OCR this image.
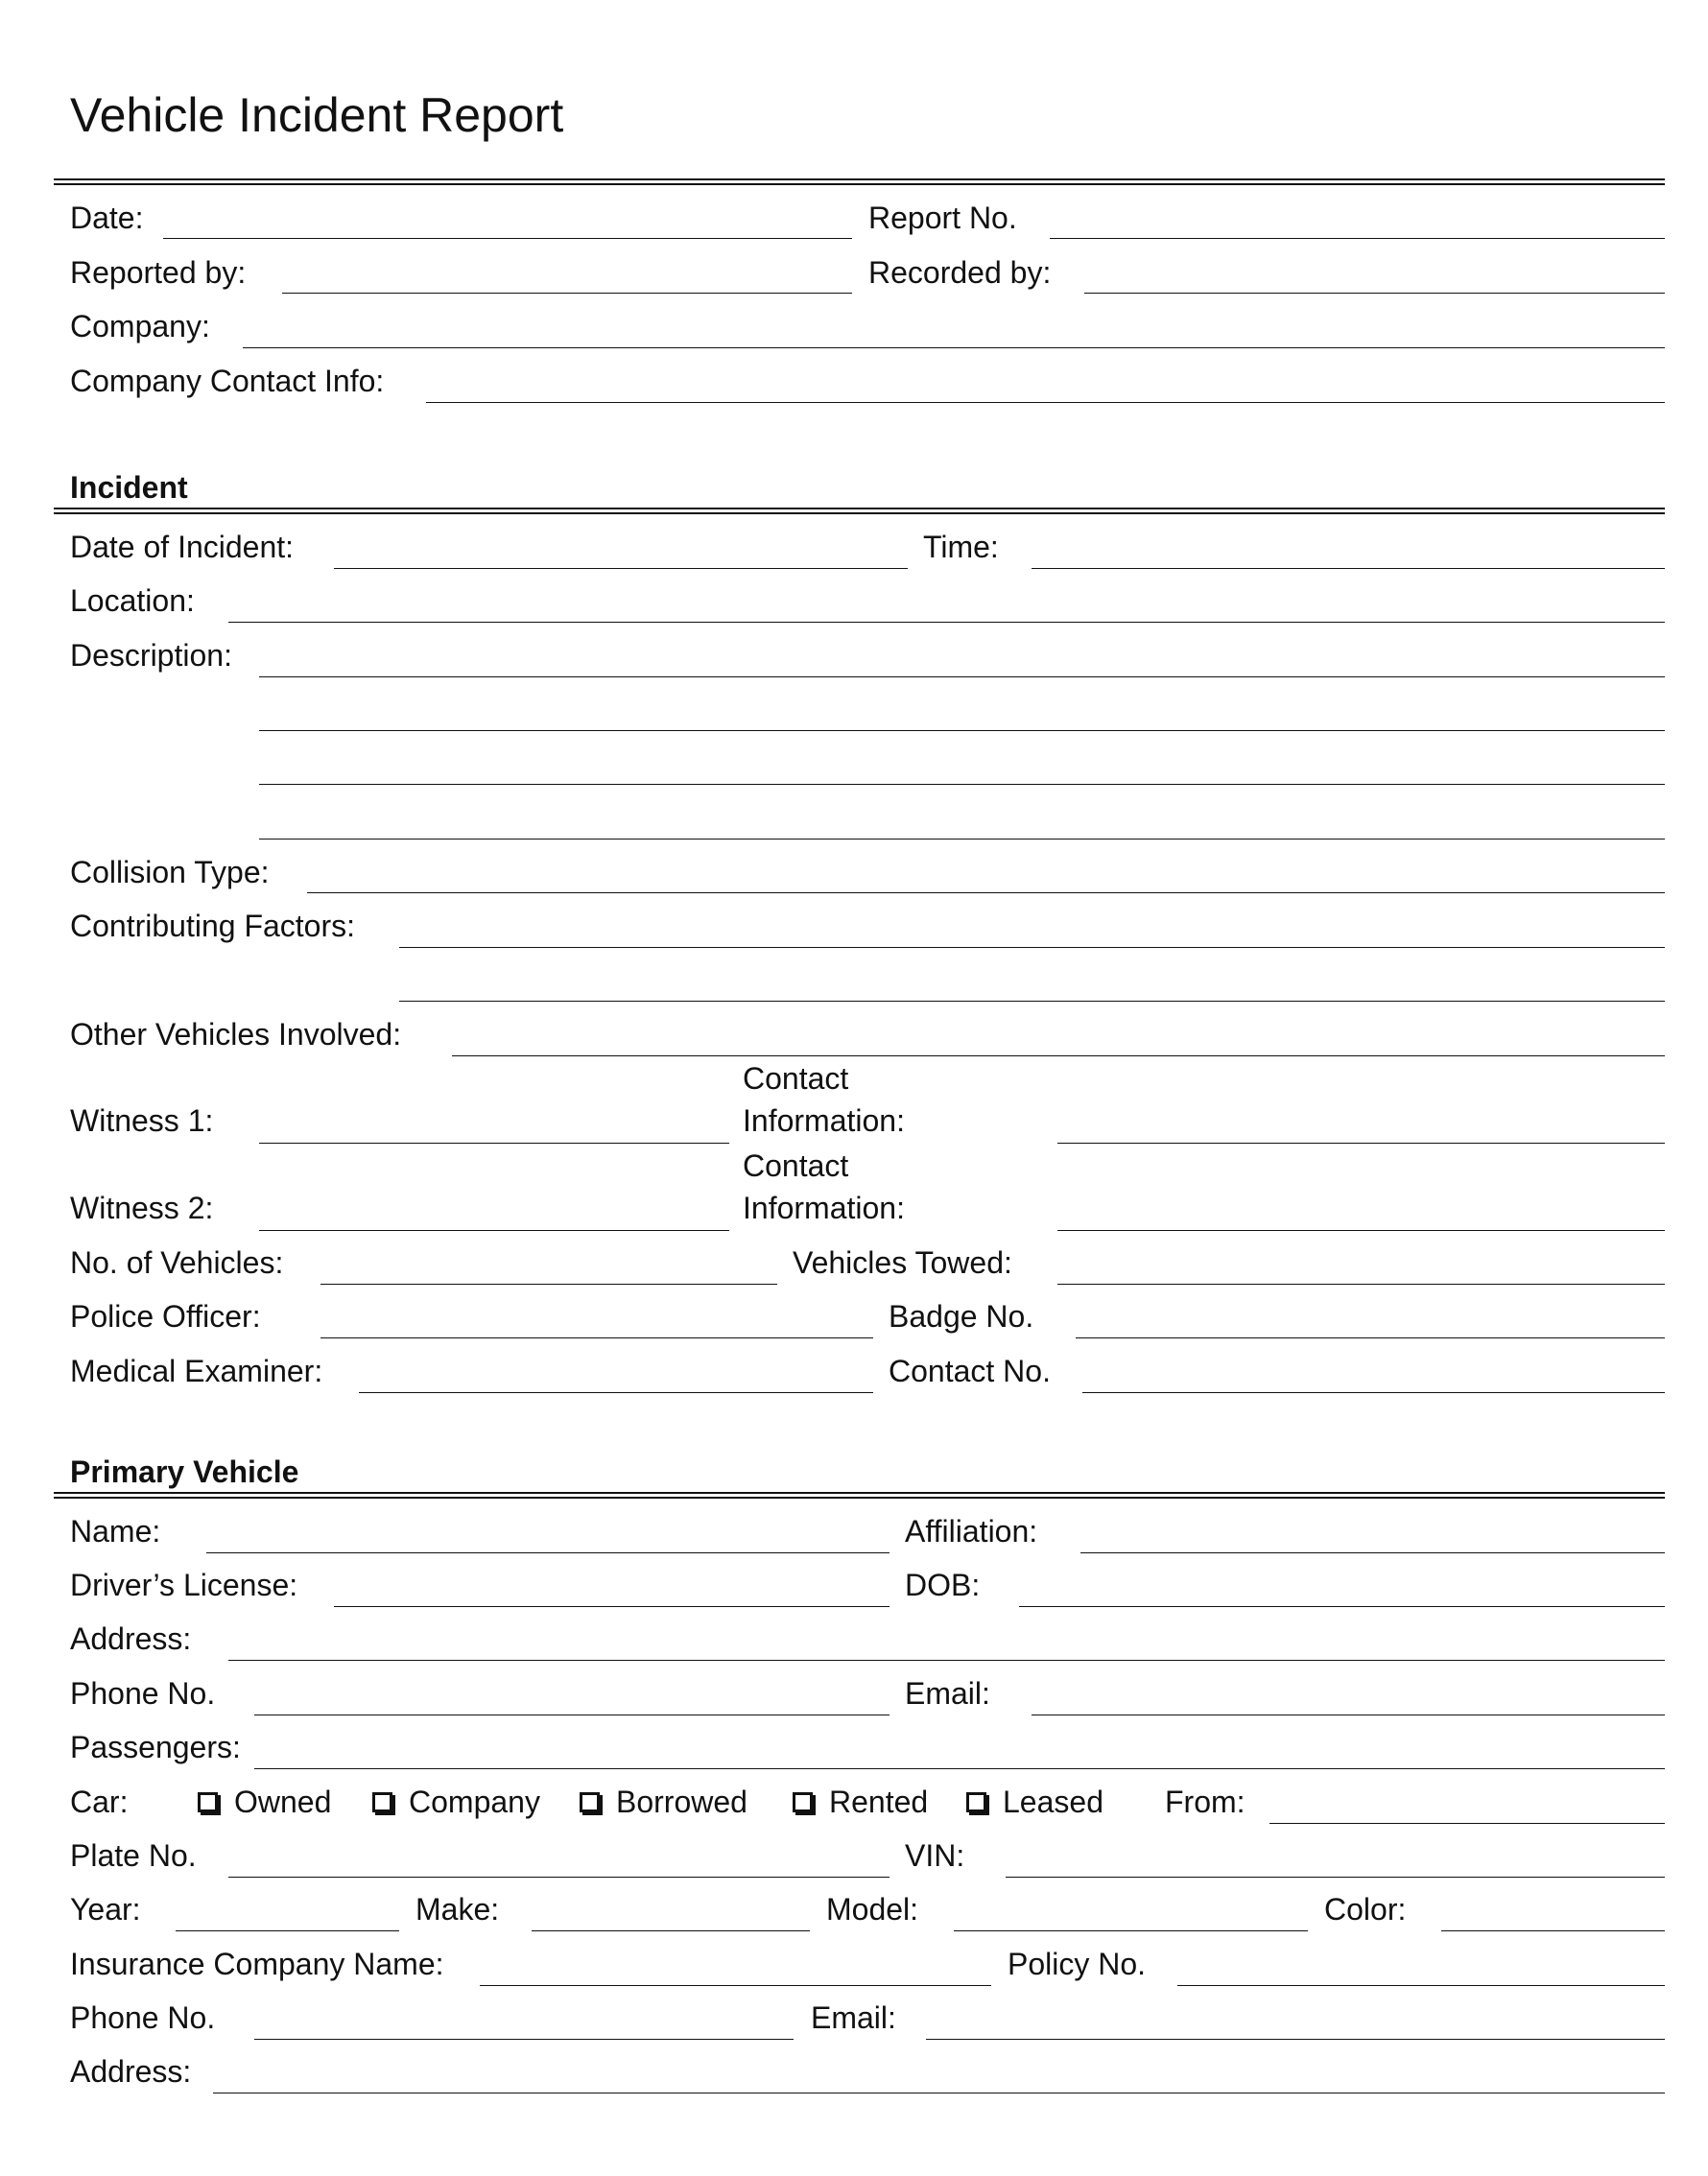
Vehicle Incident Report
Date:	Report No.
Reported by:	Recorded by:
Company:
Company Contact Info:
Incident
Date of Incident:	Time:
Location:
Description:
Collision Type:
Contributing Factors:
Other Vehicles Involved:
Contact
Witness 1:	Information:
Contact
Witness 2:	Information:
No. of Vehicles:	Vehicles Towed:
Police Officer:	Badge No.
Medical Examiner:	Contact No.
Primary Vehicle
Name:	Affiliation:
Driver’s License:	DOB:
Address:
Phone No.	Email:
Passengers:
Car:	Owned	Company Borrowed	Rented Leased From:
Plate No.	VIN:
Year:	Make:	Model:	Color:
Insurance Company Name:	Policy No.
Phone No.	Email:
Address:
